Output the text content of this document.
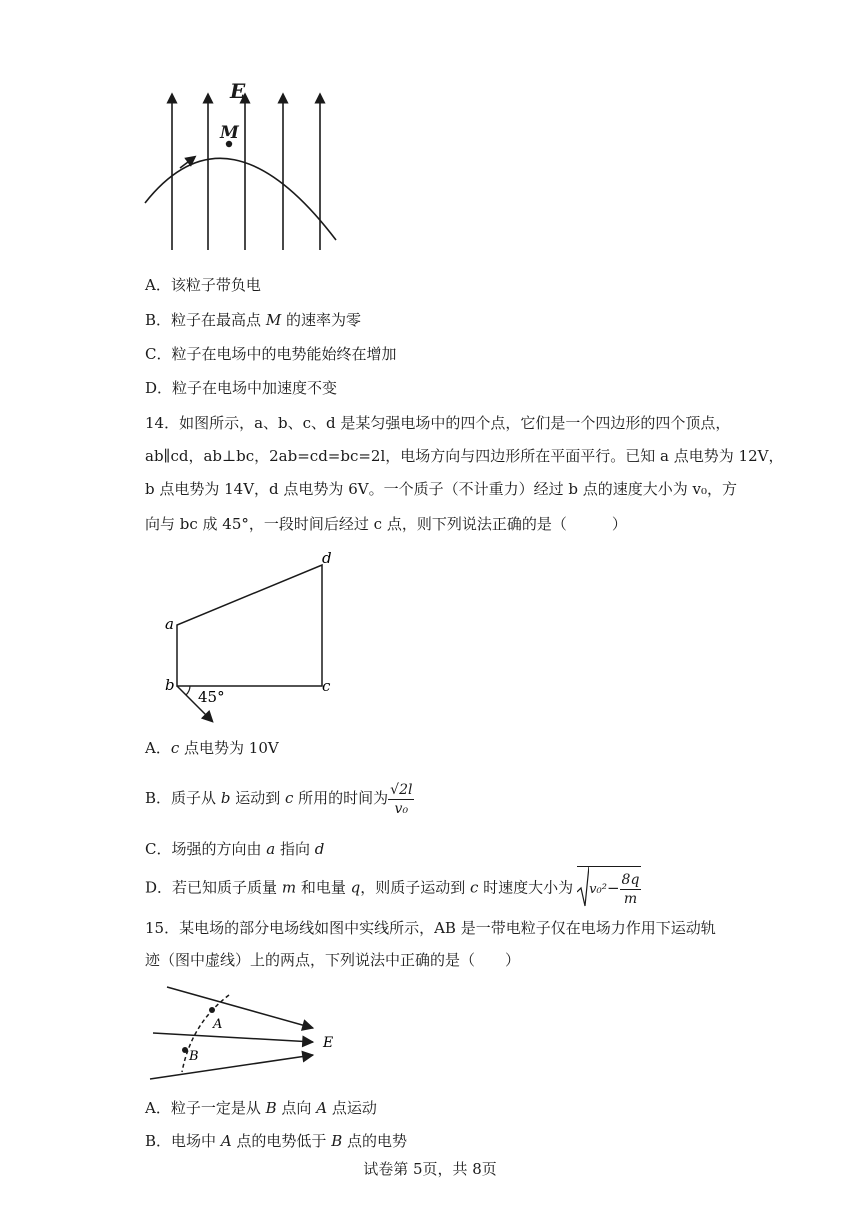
E
M
A．该粒子带负电
B．粒子在最高点 M 的速率为零
C．粒子在电场中的电势能始终在增加
D．粒子在电场中加速度不变
14．如图所示，a、b、c、d 是某匀强电场中的四个点，它们是一个四边形的四个顶点，
ab∥cd，ab⊥bc，2ab=cd=bc=2l，电场方向与四边形所在平面平行。已知 a 点电势为 12V，
b 点电势为 14V，d 点电势为 6V。一个质子（不计重力）经过 b 点的速度大小为 v₀，方
向与 bc 成 45°，一段时间后经过 c 点，则下列说法正确的是（　　　）
a
b	c
d
45°
A．c 点电势为 10V
B．质子从 b 运动到 c 所用的时间为 $\frac{√2l}{\text{v₀}}$
C．场强的方向由 a 指向 d
D．若已知质子质量 m 和电量 q，则质子运动到 c 时速度大小为 $v_0^2- \frac{8q}{m}$
15．某电场的部分电场线如图中实线所示，AB 是一带电粒子仅在电场力作用下运动轨
迹（图中虚线）上的两点，下列说法中正确的是（　　）
A
B
E
A．粒子一定是从 B 点向 A 点运动
B．电场中 A 点的电势低于 B 点的电势
试卷第 5页，共 8页
